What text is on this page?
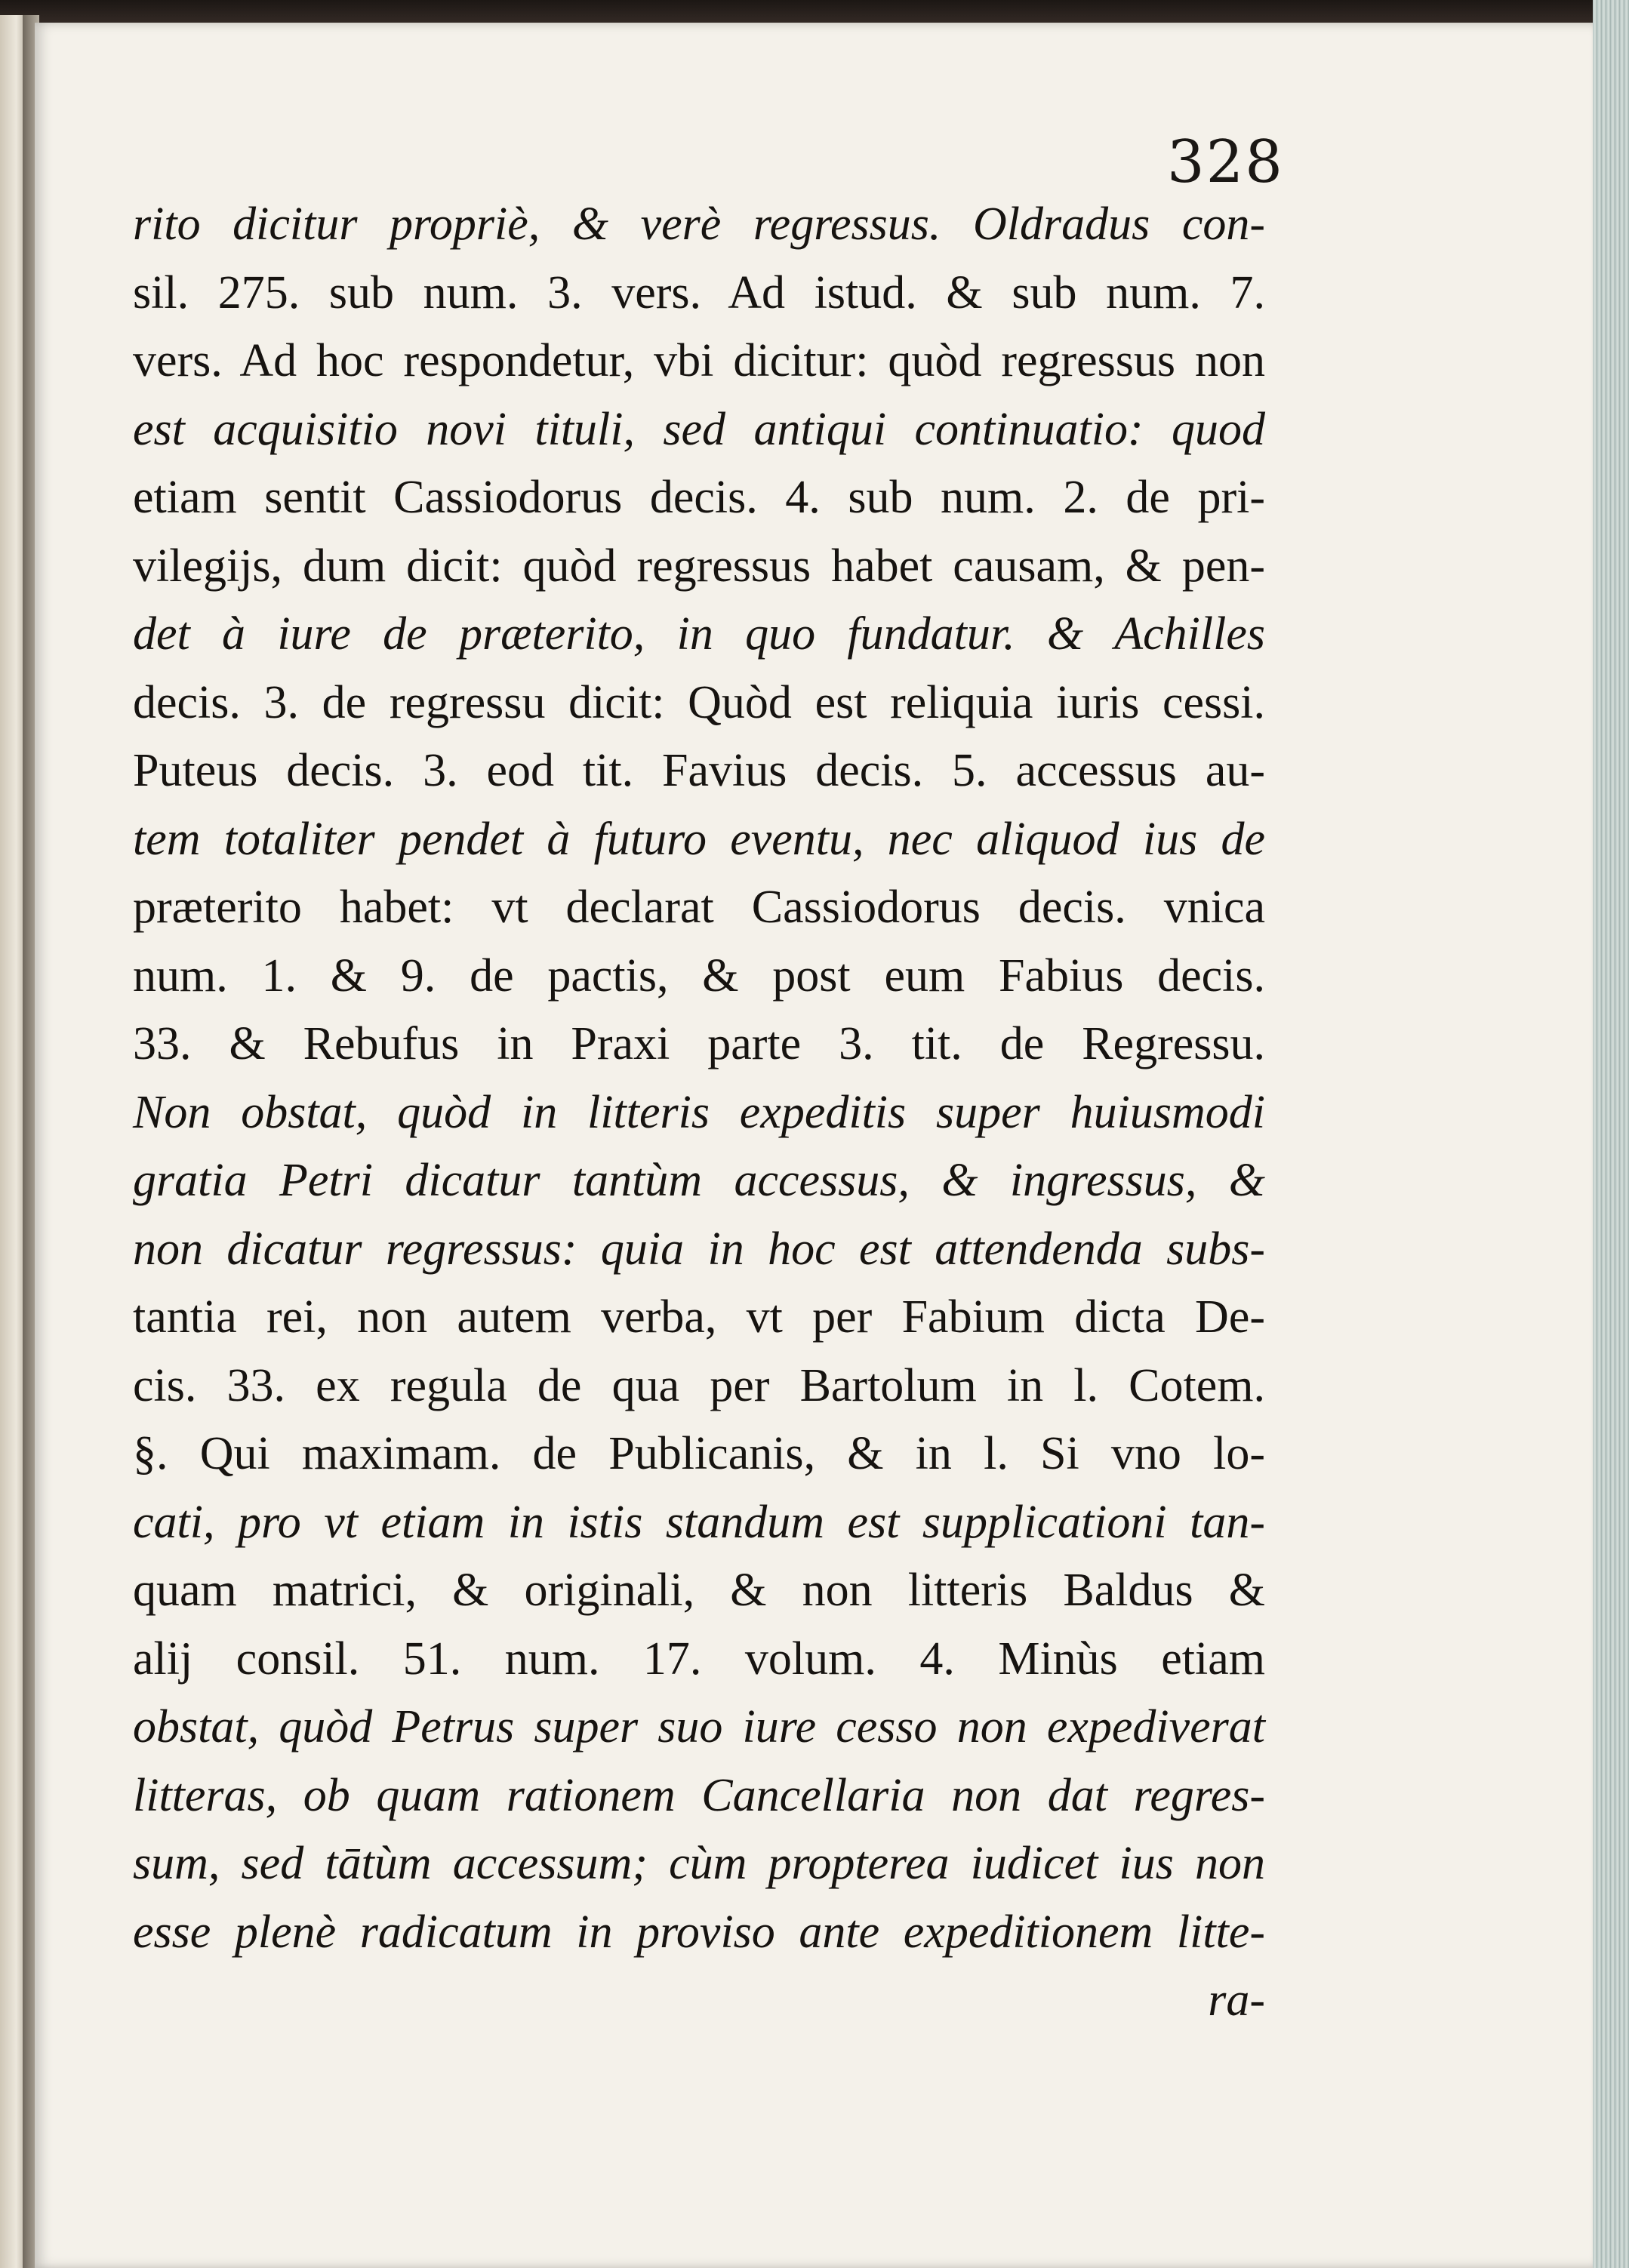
328
rito dicitur propriè, & verè regressus. Oldradus con-
sil. 275. sub num. 3. vers. Ad istud. & sub num. 7.
vers. Ad hoc respondetur, vbi dicitur: quòd regressus non
est acquisitio novi tituli, sed antiqui continuatio: quod
etiam sentit Cassiodorus decis. 4. sub num. 2. de pri-
vilegijs, dum dicit: quòd regressus habet causam, & pen-
det à iure de præterito, in quo fundatur. & Achilles
decis. 3. de regressu dicit: Quòd est reliquia iuris cessi.
Puteus decis. 3. eod tit. Favius decis. 5. accessus au-
tem totaliter pendet à futuro eventu, nec aliquod ius de
præterito habet: vt declarat Cassiodorus decis. vnica
num. 1. & 9. de pactis, & post eum Fabius decis.
33. & Rebufus in Praxi parte 3. tit. de Regressu.
Non obstat, quòd in litteris expeditis super huiusmodi
gratia Petri dicatur tantùm accessus, & ingressus, &
non dicatur regressus: quia in hoc est attendenda subs-
tantia rei, non autem verba, vt per Fabium dicta De-
cis. 33. ex regula de qua per Bartolum in l. Cotem.
§. Qui maximam. de Publicanis, & in l. Si vno lo-
cati, pro vt etiam in istis standum est supplicationi tan-
quam matrici, & originali, & non litteris Baldus &
alij consil. 51. num. 17. volum. 4. Minùs etiam
obstat, quòd Petrus super suo iure cesso non expediverat
litteras, ob quam rationem Cancellaria non dat regres-
sum, sed tātùm accessum; cùm propterea iudicet ius non
esse plenè radicatum in proviso ante expeditionem litte-
ra-
